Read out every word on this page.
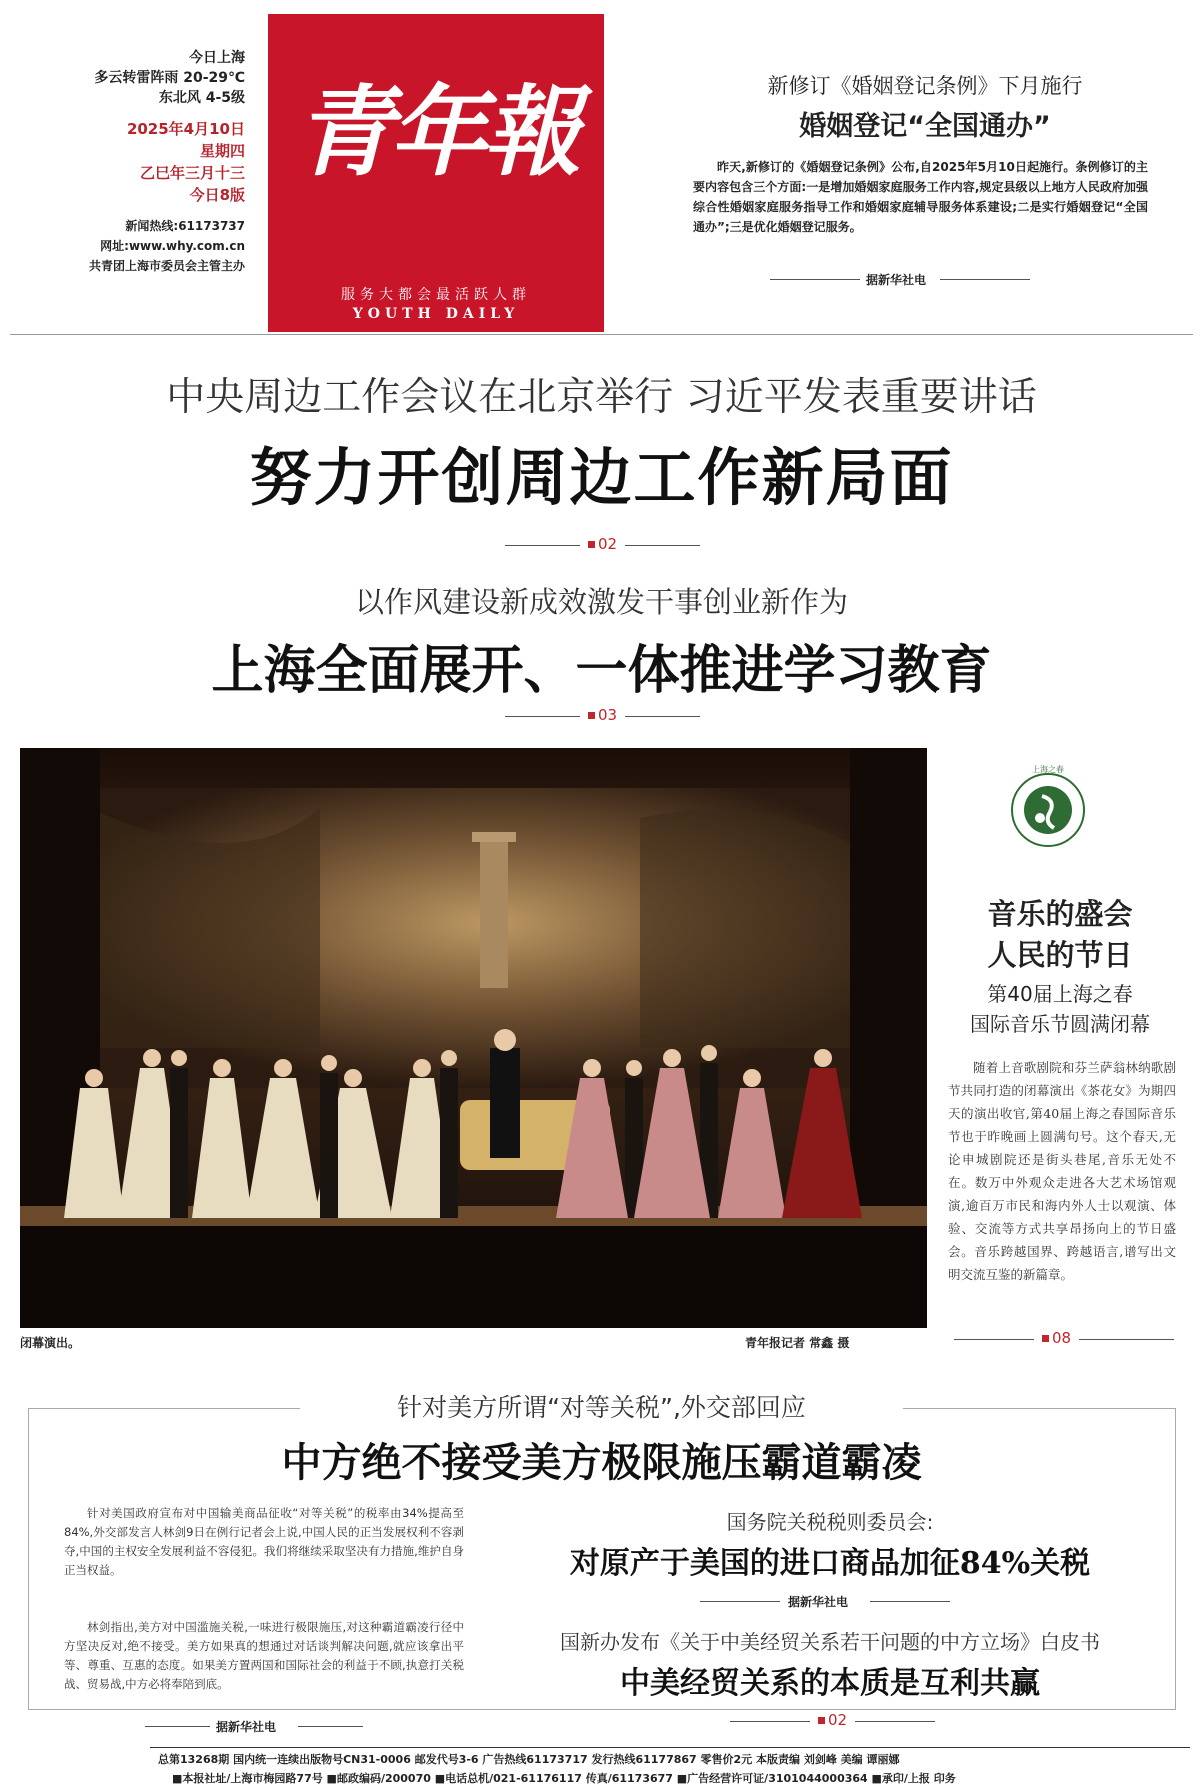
今日上海
多云转雷阵雨 20-29℃
东北风 4-5级
2025年4月10日
星期四
乙巳年三月十三
今日8版
新闻热线:61173737
网址:www.why.com.cn
共青团上海市委员会主管主办
青年報
服务大都会最活跃人群
YOUTH DAILY
新修订《婚姻登记条例》下月施行
婚姻登记“全国通办”
昨天,新修订的《婚姻登记条例》公布,自2025年5月10日起施行。条例修订的主要内容包含三个方面:一是增加婚姻家庭服务工作内容,规定县级以上地方人民政府加强综合性婚姻家庭服务指导工作和婚姻家庭辅导服务体系建设;二是实行婚姻登记“全国通办”;三是优化婚姻登记服务。
据新华社电
中央周边工作会议在北京举行 习近平发表重要讲话
努力开创周边工作新局面
02
以作风建设新成效激发干事创业新作为
上海全面展开、一体推进学习教育
03
闭幕演出。	青年报记者 常鑫 摄
上海之春
音乐的盛会
人民的节日
第40届上海之春
国际音乐节圆满闭幕
随着上音歌剧院和芬兰萨翁林纳歌剧节共同打造的闭幕演出《茶花女》为期四天的演出收官,第40届上海之春国际音乐节也于昨晚画上圆满句号。这个春天,无论申城剧院还是街头巷尾,音乐无处不在。数万中外观众走进各大艺术场馆观演,逾百万市民和海内外人士以观演、体验、交流等方式共享昂扬向上的节日盛会。音乐跨越国界、跨越语言,谱写出文明交流互鉴的新篇章。
08
针对美方所谓“对等关税”,外交部回应
中方绝不接受美方极限施压霸道霸凌
针对美国政府宣布对中国输美商品征收“对等关税”的税率由34%提高至84%,外交部发言人林剑9日在例行记者会上说,中国人民的正当发展权利不容剥夺,中国的主权安全发展利益不容侵犯。我们将继续采取坚决有力措施,维护自身正当权益。
林剑指出,美方对中国滥施关税,一味进行极限施压,对这种霸道霸凌行径中方坚决反对,绝不接受。美方如果真的想通过对话谈判解决问题,就应该拿出平等、尊重、互惠的态度。如果美方置两国和国际社会的利益于不顾,执意打关税战、贸易战,中方必将奉陪到底。
据新华社电
国务院关税税则委员会:
对原产于美国的进口商品加征84%关税
据新华社电
国新办发布《关于中美经贸关系若干问题的中方立场》白皮书
中美经贸关系的本质是互利共赢
02
总第13268期 国内统一连续出版物号CN31-0006 邮发代号3-6 广告热线61173717 发行热线61177867 零售价2元 本版责编 刘剑峰 美编 谭丽娜
■本报社址/上海市梅园路77号 ■邮政编码/200070 ■电话总机/021-61176117 传真/61173677 ■广告经营许可证/3101044000364 ■承印/上报 印务
